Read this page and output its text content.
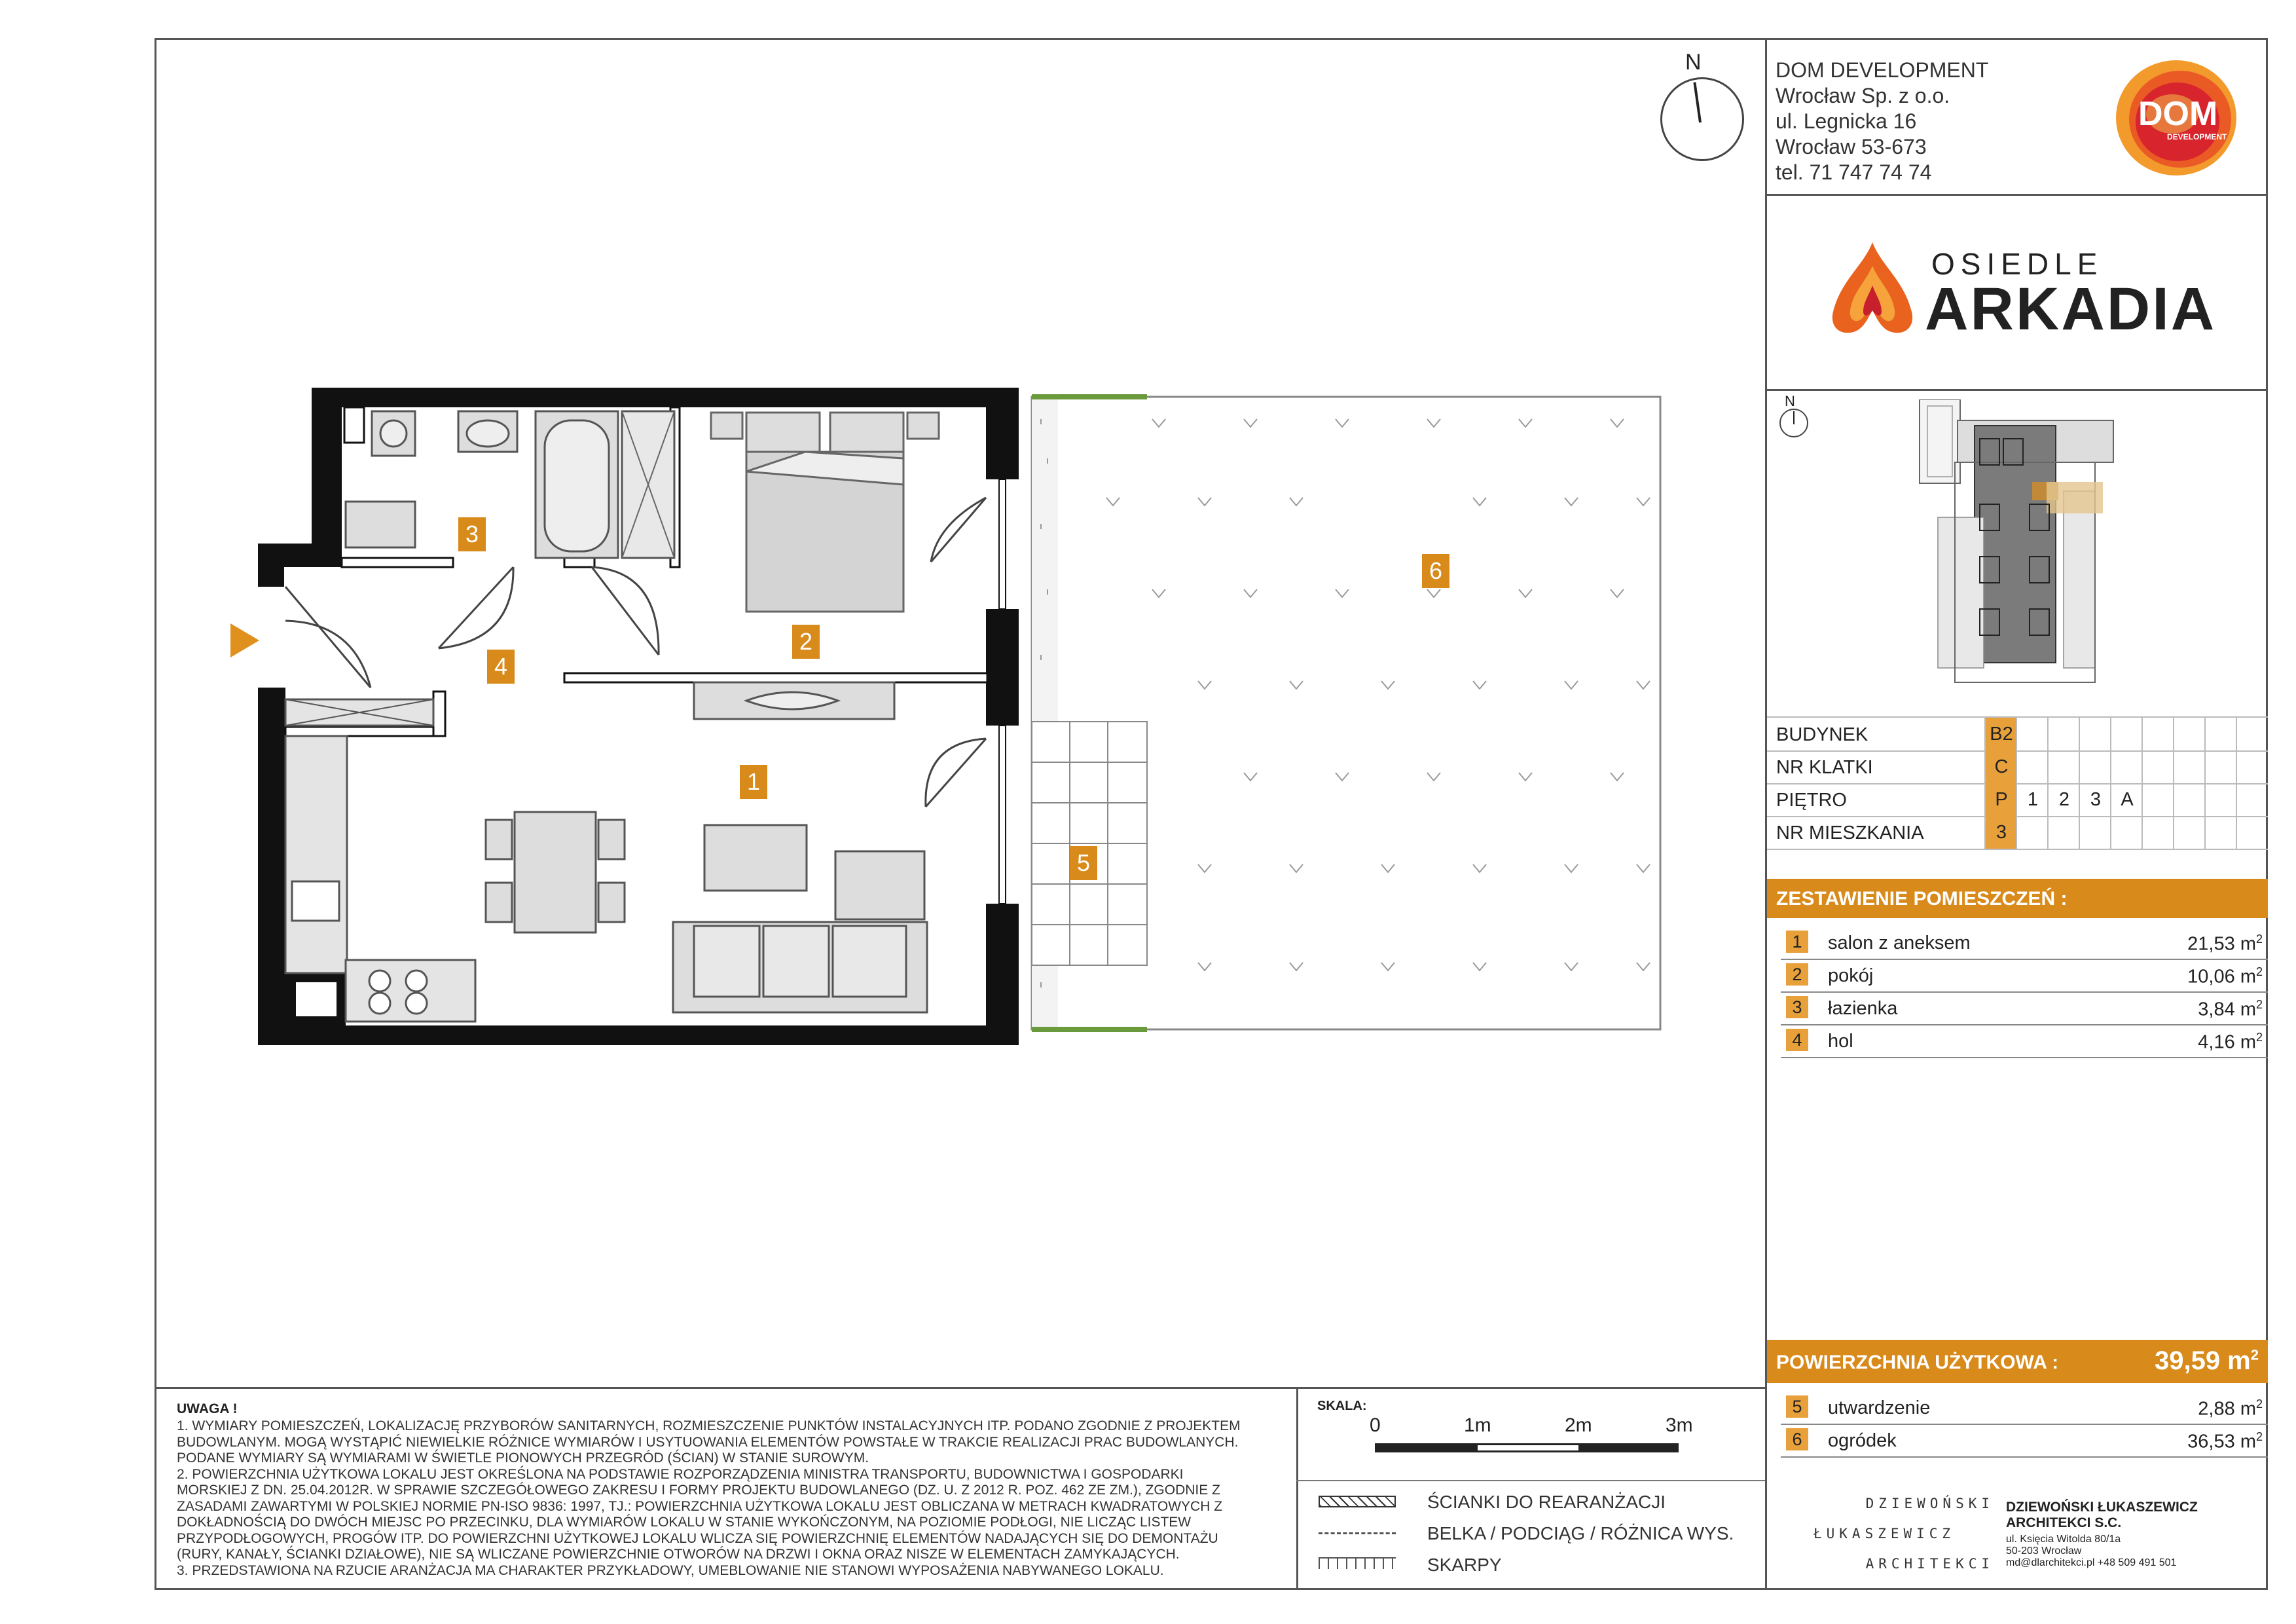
N	DOM DEVELOPMENT
Wrocław Sp. z o.o.
ul. Legnicka 16
Wrocław 53-673
tel. 71 747 74 74
DOM
DEVELOPMENT
OSIEDLE
ARKADIA
N
BUDYNEK	B2
NR KLATKI	C
PIĘTRO	P	1	2	3	A
NR MIESZKANIA	3
ZESTAWIENIE POMIESZCZEŃ :
1	salon z aneksem	21,53 $m^2$
2	pokój	10,06 $m^2$
3	łazienka	3,84 $m^2$
4	hol	4,16 $m^2$
POWIERZCHNIA UŻYTKOWA :	39,59 $m^2$
5	utwardzenie	2,88 $m^2$
6	ogródek	36,53 $m^2$
1
2
3
4
5
6
UWAGA !
1. WYMIARY POMIESZCZEŃ, LOKALIZACJĘ PRZYBORÓW SANITARNYCH, ROZMIESZCZENIE PUNKTÓW INSTALACYJNYCH ITP. PODANO ZGODNIE Z PROJEKTEM
BUDOWLANYM. MOGĄ WYSTĄPIĆ NIEWIELKIE RÓŻNICE WYMIARÓW I USYTUOWANIA ELEMENTÓW POWSTAŁE W TRAKCIE REALIZACJI PRAC BUDOWLANYCH.
PODANE WYMIARY SĄ WYMIARAMI W ŚWIETLE PIONOWYCH PRZEGRÓD (ŚCIAN) W STANIE SUROWYM.
2. POWIERZCHNIA UŻYTKOWA LOKALU JEST OKREŚLONA NA PODSTAWIE ROZPORZĄDZENIA MINISTRA TRANSPORTU, BUDOWNICTWA I GOSPODARKI
MORSKIEJ Z DN. 25.04.2012R. W SPRAWIE SZCZEGÓŁOWEGO ZAKRESU I FORMY PROJEKTU BUDOWLANEGO (DZ. U. Z 2012 R. POZ. 462 ZE ZM.), ZGODNIE Z
ZASADAMI ZAWARTYMI W POLSKIEJ NORMIE PN-ISO 9836: 1997, TJ.: POWIERZCHNIA UŻYTKOWA LOKALU JEST OBLICZANA W METRACH KWADRATOWYCH Z
DOKŁADNOŚCIĄ DO DWÓCH MIEJSC PO PRZECINKU, DLA WYMIARÓW LOKALU W STANIE WYKOŃCZONYM, NA POZIOMIE PODŁOGI, NIE LICZĄC LISTEW
PRZYPODŁOGOWYCH, PROGÓW ITP. DO POWIERZCHNI UŻYTKOWEJ LOKALU WLICZA SIĘ POWIERZCHNIĘ ELEMENTÓW NADAJĄCYCH SIĘ DO DEMONTAŻU
(RURY, KANAŁY, ŚCIANKI DZIAŁOWE), NIE SĄ WLICZANE POWIERZCHNIE OTWORÓW NA DRZWI I OKNA ORAZ NISZE W ELEMENTACH ZAMYKAJĄCYCH.
3. PRZEDSTAWIONA NA RZUCIE ARANŻACJA MA CHARAKTER PRZYKŁADOWY, UMEBLOWANIE NIE STANOWI WYPOSAŻENIA NABYWANEGO LOKALU.
SKALA:
0	1m	2m	3m
ŚCIANKI DO REARANŻACJI
BELKA / PODCIĄG / RÓŻNICA WYS.
SKARPY
DZIEWOŃSKI
ŁUKASZEWICZ
ARCHITEKCI
DZIEWOŃSKI ŁUKASZEWICZ
ARCHITEKCI S.C.
ul. Księcia Witolda 80/1a
50-203 Wrocław
md@dlarchitekci.pl +48 509 491 501
